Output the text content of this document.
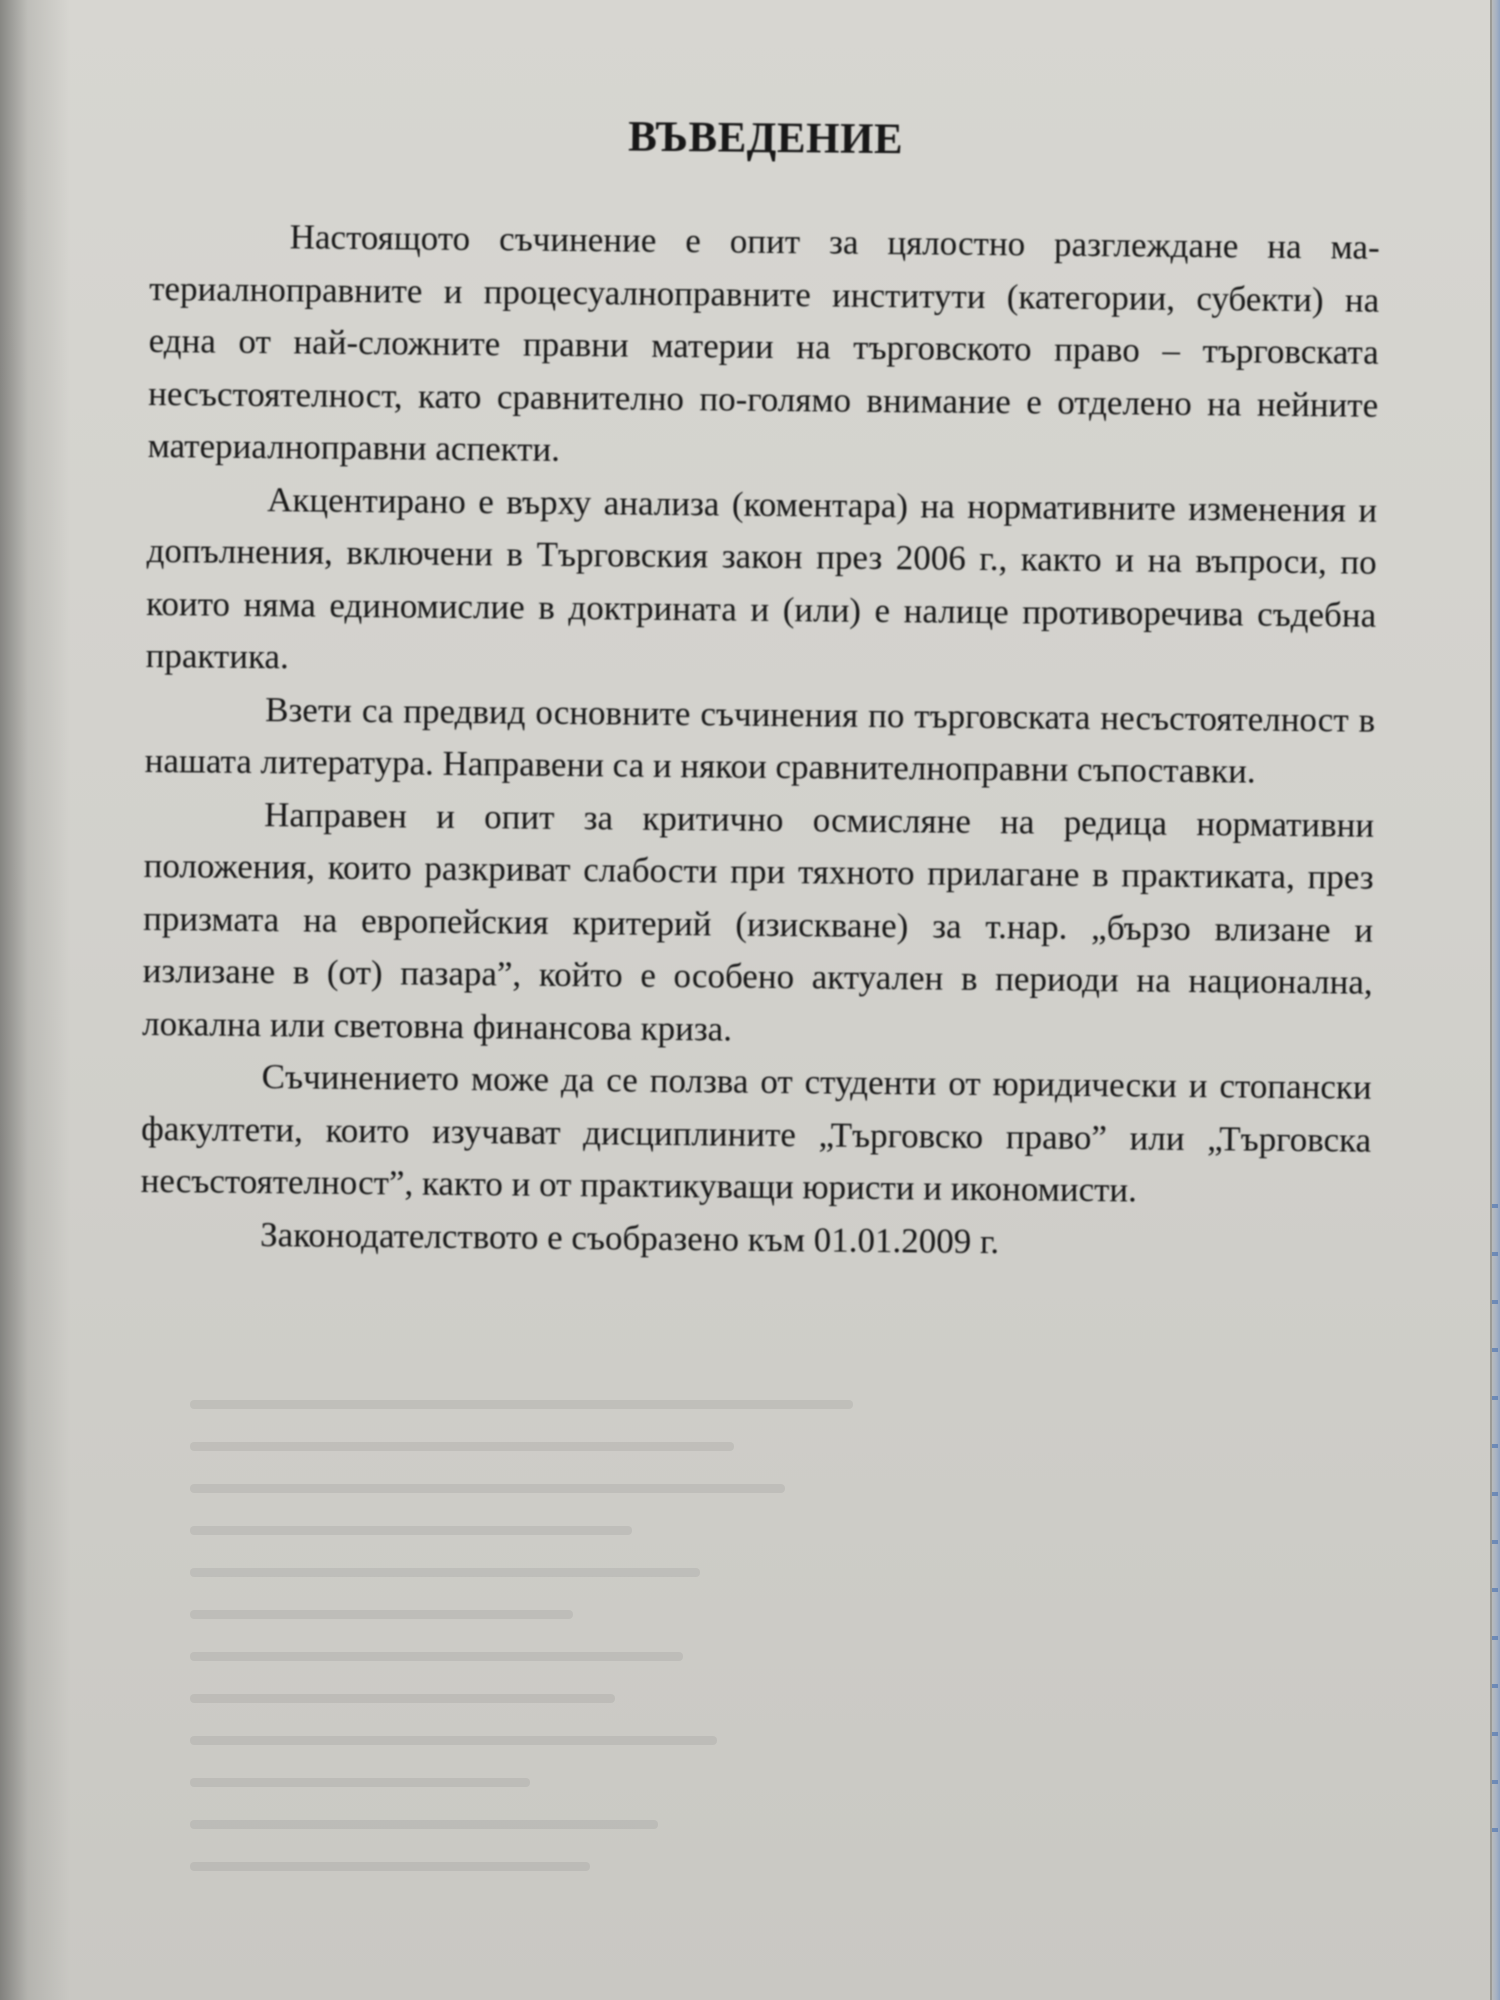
ВЪВЕДЕНИЕ

Настоящото съчинение е опит за цялостно разглеждане на материалноправните и процесуалноправните институти (категории, субекти) на една от най-сложните правни материи на търговското право – търговската несъстоятелност, като сравнително по-голямо внимание е отделено на нейните материалноправни аспекти.

Акцентирано е върху анализа (коментара) на нормативните изменения и допълнения, включени в Търговския закон през 2006 г., както и на въпроси, по които няма единомислие в доктрината и (или) е налице противоречива съдебна практика.

Взети са предвид основните съчинения по търговската несъстоятелност в нашата литература. Направени са и някои сравнителноправни съпоставки.

Направен и опит за критично осмисляне на редица нормативни положения, които разкриват слабости при тяхното прилагане в практиката, през призмата на европейския критерий (изискване) за т.нар. „бързо влизане и излизане в (от) пазара”, който е особено актуален в периоди на национална, локална или световна финансова криза.

Съчинението може да се ползва от студенти от юридически и стопански факултети, които изучават дисциплините „Търговско право” или „Търговска несъстоятелност”, както и от практикуващи юристи и икономисти.

Законодателството е съобразено към 01.01.2009 г.
